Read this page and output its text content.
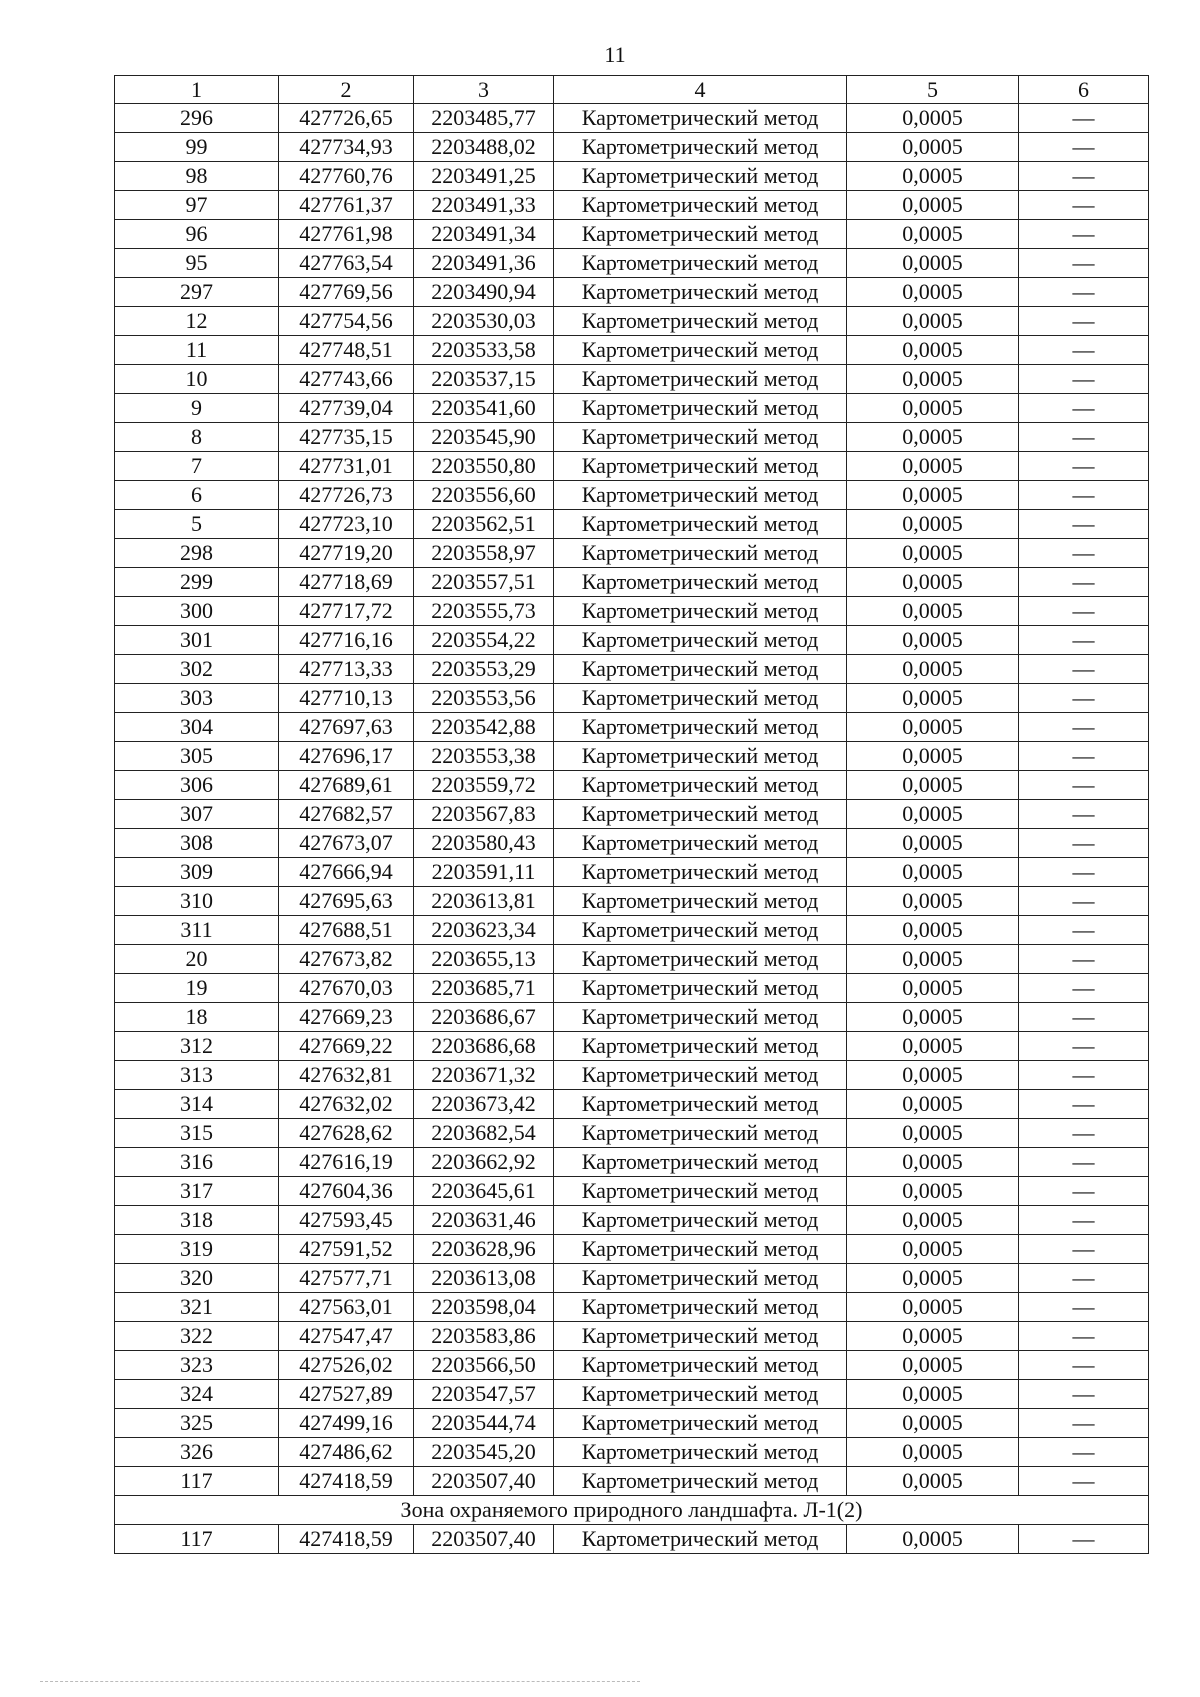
11
1	2	3	4	5	6
296	427726,65	2203485,77	Картометрический метод	0,0005	—
99	427734,93	2203488,02	Картометрический метод	0,0005	—
98	427760,76	2203491,25	Картометрический метод	0,0005	—
97	427761,37	2203491,33	Картометрический метод	0,0005	—
96	427761,98	2203491,34	Картометрический метод	0,0005	—
95	427763,54	2203491,36	Картометрический метод	0,0005	—
297	427769,56	2203490,94	Картометрический метод	0,0005	—
12	427754,56	2203530,03	Картометрический метод	0,0005	—
11	427748,51	2203533,58	Картометрический метод	0,0005	—
10	427743,66	2203537,15	Картометрический метод	0,0005	—
9	427739,04	2203541,60	Картометрический метод	0,0005	—
8	427735,15	2203545,90	Картометрический метод	0,0005	—
7	427731,01	2203550,80	Картометрический метод	0,0005	—
6	427726,73	2203556,60	Картометрический метод	0,0005	—
5	427723,10	2203562,51	Картометрический метод	0,0005	—
298	427719,20	2203558,97	Картометрический метод	0,0005	—
299	427718,69	2203557,51	Картометрический метод	0,0005	—
300	427717,72	2203555,73	Картометрический метод	0,0005	—
301	427716,16	2203554,22	Картометрический метод	0,0005	—
302	427713,33	2203553,29	Картометрический метод	0,0005	—
303	427710,13	2203553,56	Картометрический метод	0,0005	—
304	427697,63	2203542,88	Картометрический метод	0,0005	—
305	427696,17	2203553,38	Картометрический метод	0,0005	—
306	427689,61	2203559,72	Картометрический метод	0,0005	—
307	427682,57	2203567,83	Картометрический метод	0,0005	—
308	427673,07	2203580,43	Картометрический метод	0,0005	—
309	427666,94	2203591,11	Картометрический метод	0,0005	—
310	427695,63	2203613,81	Картометрический метод	0,0005	—
311	427688,51	2203623,34	Картометрический метод	0,0005	—
20	427673,82	2203655,13	Картометрический метод	0,0005	—
19	427670,03	2203685,71	Картометрический метод	0,0005	—
18	427669,23	2203686,67	Картометрический метод	0,0005	—
312	427669,22	2203686,68	Картометрический метод	0,0005	—
313	427632,81	2203671,32	Картометрический метод	0,0005	—
314	427632,02	2203673,42	Картометрический метод	0,0005	—
315	427628,62	2203682,54	Картометрический метод	0,0005	—
316	427616,19	2203662,92	Картометрический метод	0,0005	—
317	427604,36	2203645,61	Картометрический метод	0,0005	—
318	427593,45	2203631,46	Картометрический метод	0,0005	—
319	427591,52	2203628,96	Картометрический метод	0,0005	—
320	427577,71	2203613,08	Картометрический метод	0,0005	—
321	427563,01	2203598,04	Картометрический метод	0,0005	—
322	427547,47	2203583,86	Картометрический метод	0,0005	—
323	427526,02	2203566,50	Картометрический метод	0,0005	—
324	427527,89	2203547,57	Картометрический метод	0,0005	—
325	427499,16	2203544,74	Картометрический метод	0,0005	—
326	427486,62	2203545,20	Картометрический метод	0,0005	—
117	427418,59	2203507,40	Картометрический метод	0,0005	—
Зона охраняемого природного ландшафта. Л-1(2)					
117	427418,59	2203507,40	Картометрический метод	0,0005	—
